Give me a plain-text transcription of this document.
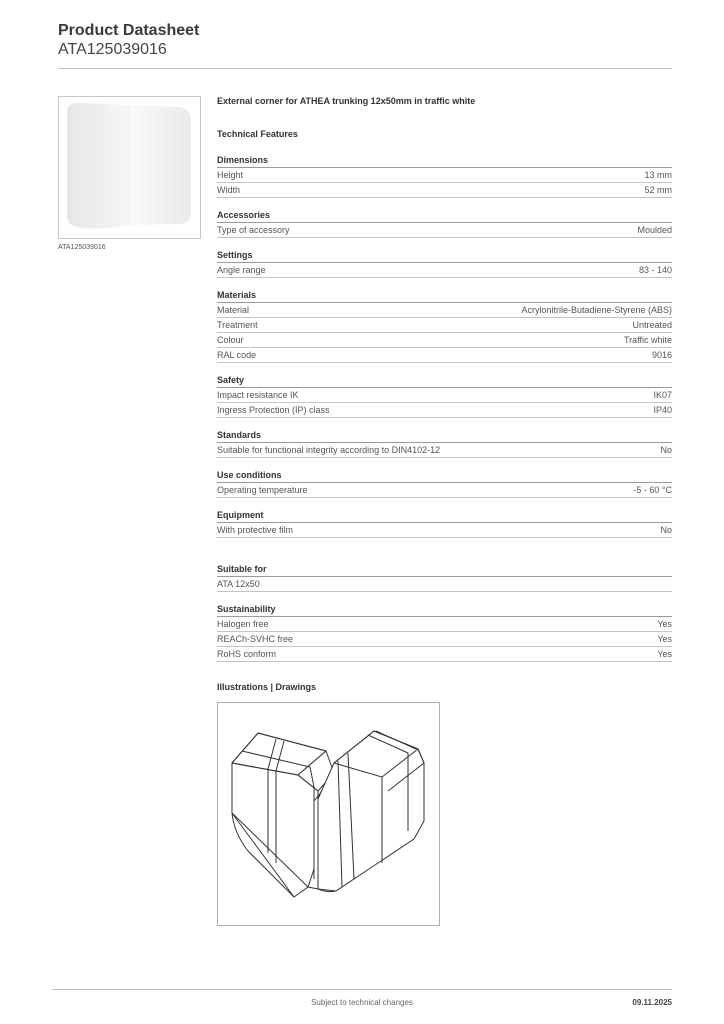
Product Datasheet
ATA125039016
ATA125039016
External corner for ATHEA trunking 12x50mm in traffic white
Technical Features
Dimensions
Height	13 mm
Width	52 mm
Accessories
Type of accessory	Moulded
Settings
Angle range	83 - 140
Materials
Material	Acrylonitrile-Butadiene-Styrene (ABS)
Treatment	Untreated
Colour	Traffic white
RAL code	9016
Safety
Impact resistance IK	IK07
Ingress Protection (IP) class	IP40
Standards
Suitable for functional integrity according to DIN4102-12	No
Use conditions
Operating temperature	-5 - 60 °C
Equipment
With protective film	No
Suitable for
ATA 12x50
Sustainability
Halogen free	Yes
REACh-SVHC free	Yes
RoHS conform	Yes
Illustrations | Drawings
Subject to technical changes	09.11.2025
